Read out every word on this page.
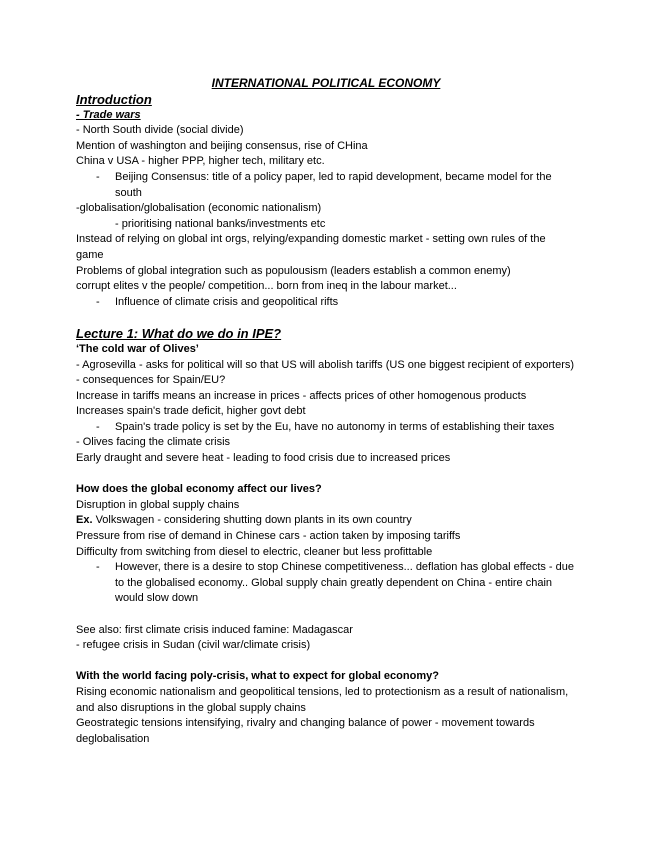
INTERNATIONAL POLITICAL ECONOMY
Introduction
- Trade wars
- North South divide (social divide)
Mention of washington and beijing consensus, rise of CHina
China v USA - higher PPP, higher tech, military etc.
-	Beijing Consensus: title of a policy paper, led to rapid development, became model for the south
-globalisation/globalisation (economic nationalism)
- prioritising national banks/investments etc
Instead of relying on global int orgs, relying/expanding domestic market - setting own rules of the game
Problems of global integration such as populousism (leaders establish a common enemy)
corrupt elites v the people/ competition... born from ineq in the labour market...
-	Influence of climate crisis and geopolitical rifts
Lecture 1: What do we do in IPE?
‘The cold war of Olives’
- Agrosevilla - asks for political will so that US will abolish tariffs (US one biggest recipient of exporters) - consequences for Spain/EU?
Increase in tariffs means an increase in prices - affects prices of other homogenous products
Increases spain's trade deficit, higher govt debt
-	Spain's trade policy is set by the Eu, have no autonomy in terms of establishing their taxes
- Olives facing the climate crisis
Early draught and severe heat - leading to food crisis due to increased prices
How does the global economy affect our lives?
Disruption in global supply chains
Ex. Volkswagen - considering shutting down plants in its own country
Pressure from rise of demand in Chinese cars - action taken by imposing tariffs
Difficulty from switching from diesel to electric, cleaner but less profittable
-	However, there is a desire to stop Chinese competitiveness... deflation has global effects - due to the globalised economy.. Global supply chain greatly dependent on China - entire chain would slow down
See also: first climate crisis induced famine: Madagascar
- refugee crisis in Sudan (civil war/climate crisis)
With the world facing poly-crisis, what to expect for global economy?
Rising economic nationalism and geopolitical tensions, led to protectionism as a result of nationalism, and also disruptions in the global supply chains
Geostrategic tensions intensifying, rivalry and changing balance of power - movement towards deglobalisation
